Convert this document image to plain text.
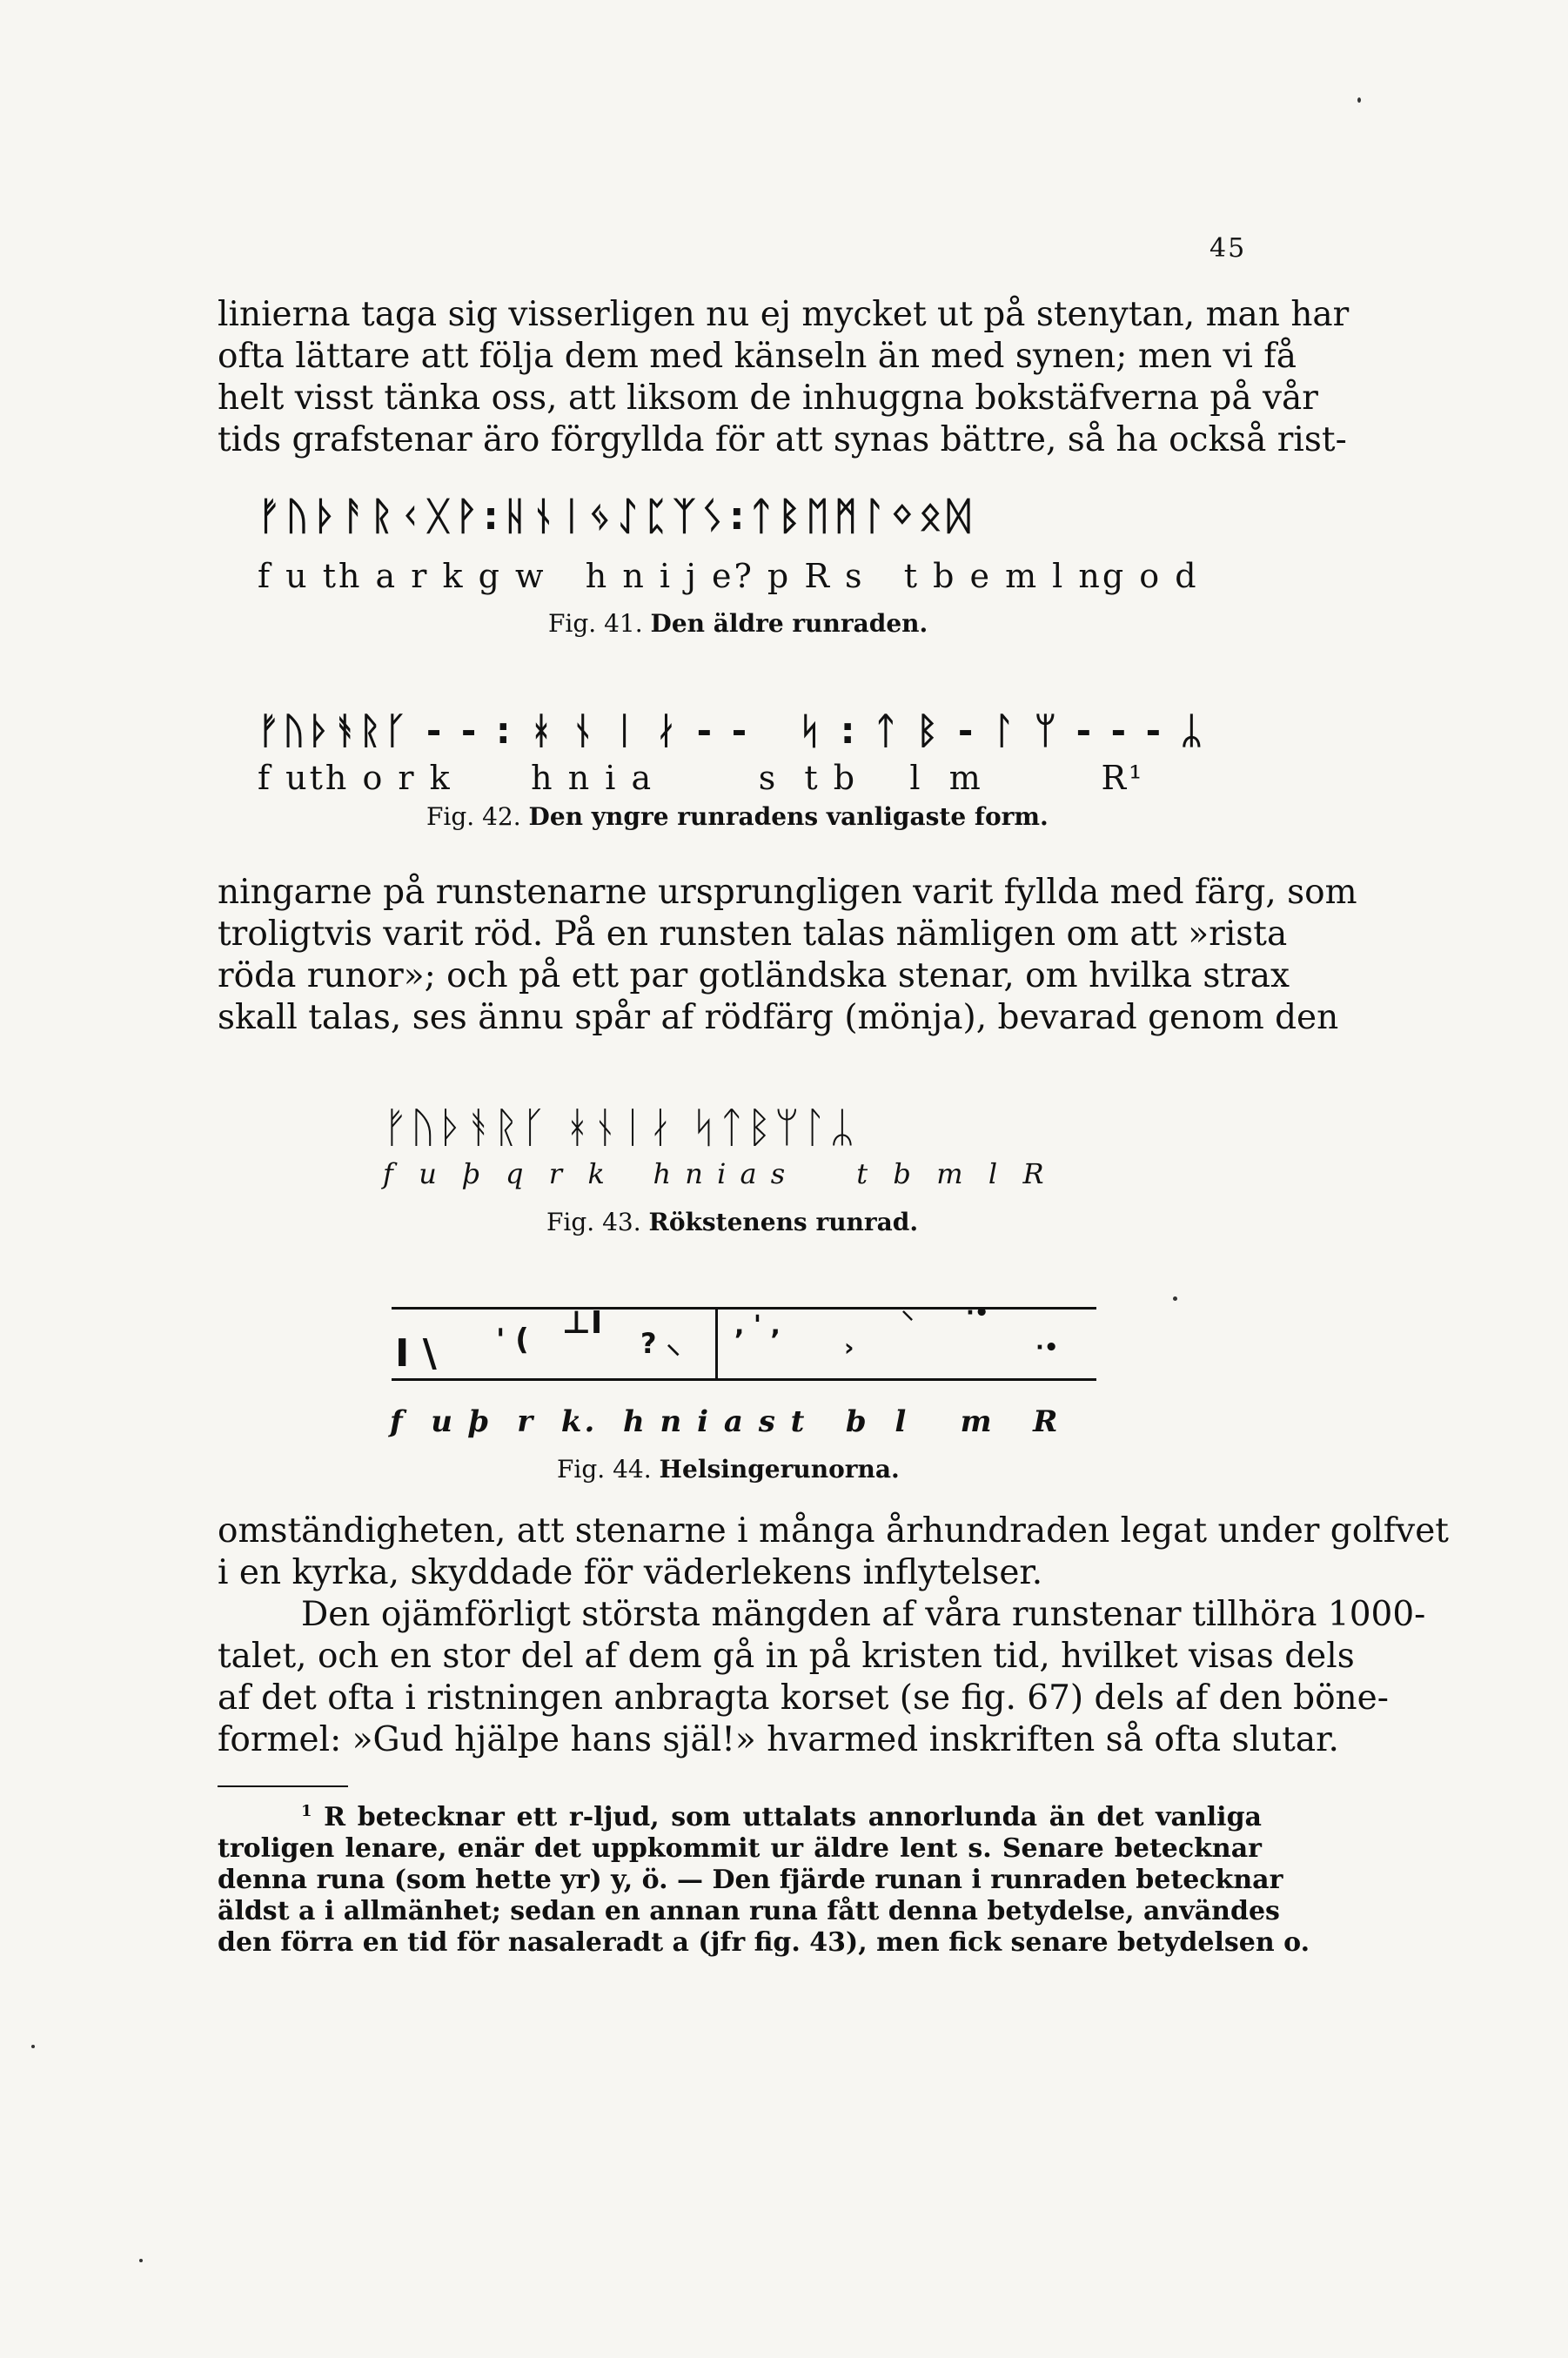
45
linierna taga sig visserligen nu ej mycket ut på stenytan, man har
ofta lättare att följa dem med känseln än med synen; men vi få
helt visst tänka oss, att liksom de inhuggna bokstäfverna på vår
tids grafstenar äro förgyllda för att synas bättre, så ha också rist-
ᚠᚢᚦᚨᚱᚲᚷᚹ:ᚺᚾᛁᛃᛇᛈᛉᛊ:ᛏᛒᛖᛗᛚᛜᛟᛞ
f u th a r k g w   h n i j e? p R s   t b e m l ng o d
Fig. 41. Den äldre runraden.
ᚠᚢᚦᚬᚱᚴ - - : ᚼ ᚾ ᛁ ᛅ - -   ᛋ : ᛏ ᛒ - ᛚ ᛘ - - - ᛦ
f uth o r k      h n i a        s  t b    l  m         R¹
Fig. 42. Den yngre runradens vanligaste form.
ningarne på runstenarne ursprungligen varit fyllda med färg, som
troligtvis varit röd. På en runsten talas nämligen om att »rista
röda runor»; och på ett par gotländska stenar, om hvilka strax
skall talas, ses ännu spår af rödfärg (mönja), bevarad genom den
ᚠᚢᚦᚬᚱᚴ ᚼᚾᛁᛅ ᛋᛏᛒᛘᛚᛦ
f  u  þ  q  r  k    h n i a s      t  b  m  l  R
Fig. 43. Rökstenens runrad.
I \ ' ( ⊥I
? ⸜
, ' ,
›
⸜ ·•
·•
f  u þ  r  k.  h n i a s t   b  l    m   R
Fig. 44. Helsingerunorna.
omständigheten, att stenarne i många århundraden legat under golfvet
i en kyrka, skyddade för väderlekens inflytelser.
Den ojämförligt största mängden af våra runstenar tillhöra 1000-
talet, och en stor del af dem gå in på kristen tid, hvilket visas dels
af det ofta i ristningen anbragta korset (se fig. 67) dels af den böne-
formel: »Gud hjälpe hans själ!» hvarmed inskriften så ofta slutar.
$^1$ R betecknar ett r-ljud, som uttalats annorlunda än det vanliga
troligen lenare, enär det uppkommit ur äldre lent s. Senare betecknar
denna runa (som hette yr) y, ö. — Den fjärde runan i runraden betecknar
äldst a i allmänhet; sedan en annan runa fått denna betydelse, användes
den förra en tid för nasaleradt a (jfr fig. 43), men fick senare betydelsen o.
